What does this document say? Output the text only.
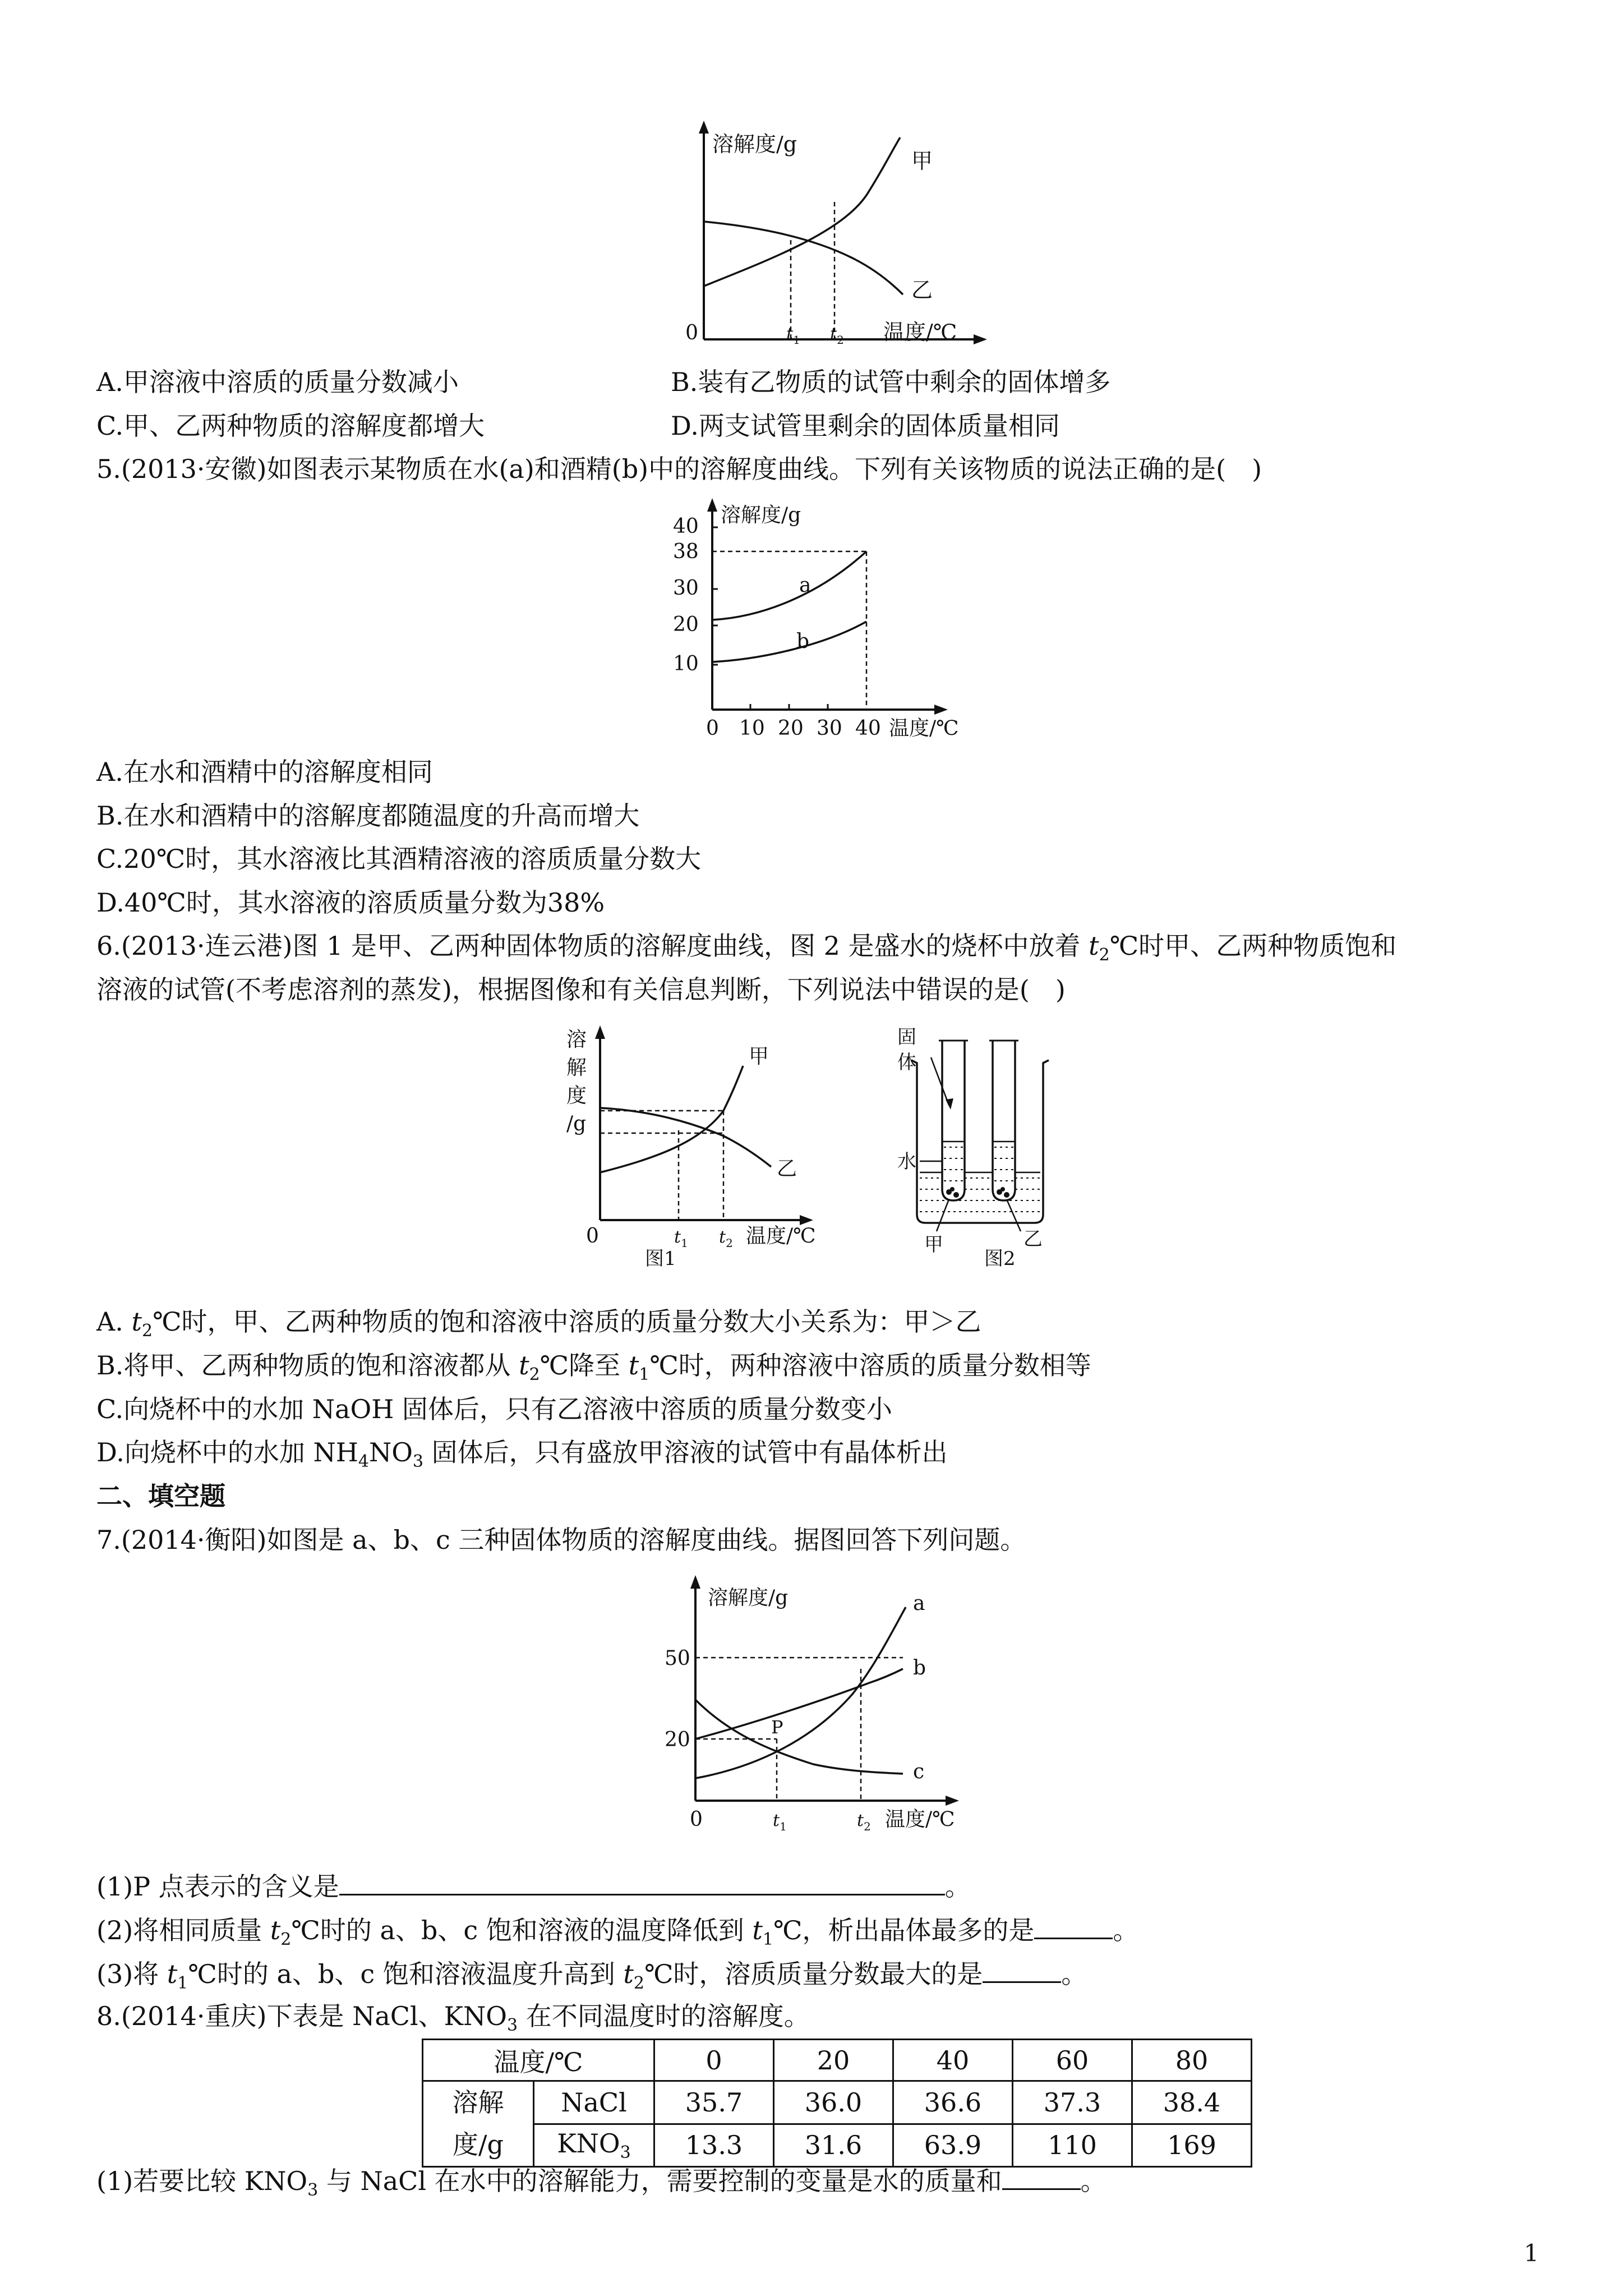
溶解度/g
甲
乙
0	$t_1$ $t_2$ 温度/℃
A.甲溶液中溶质的质量分数减小	B.装有乙物质的试管中剩余的固体增多
C.甲、乙两种物质的溶解度都增大	D.两支试管里剩余的固体质量相同
5.(2013·安徽)如图表示某物质在水(a)和酒精(b)中的溶解度曲线。下列有关该物质的说法正确的是(　)
溶解度/g
40
38
30
20
10
0 10 20 30 40 温度/℃
a
b
A.在水和酒精中的溶解度相同
B.在水和酒精中的溶解度都随温度的升高而增大
C.20℃时，其水溶液比其酒精溶液的溶质质量分数大
D.40℃时，其水溶液的溶质质量分数为38%
6.(2013·连云港)图 1 是甲、乙两种固体物质的溶解度曲线，图 2 是盛水的烧杯中放着 $t_2℃$时甲、乙两种物质饱和
溶液的试管(不考虑溶剂的蒸发)，根据图像和有关信息判断，下列说法中错误的是(　)
溶
解
度
/g
甲
乙
0	$t_1$ $t_2$ 温度/℃
图1
固
体
水
甲	乙
图2
A. $t_2℃$时，甲、乙两种物质的饱和溶液中溶质的质量分数大小关系为：甲＞乙
B.将甲、乙两种物质的饱和溶液都从 $t_2℃$降至 $t_1℃$时，两种溶液中溶质的质量分数相等
C.向烧杯中的水加 NaOH 固体后，只有乙溶液中溶质的质量分数变小
D.向烧杯中的水加 $NH_4NO_3$ 固体后，只有盛放甲溶液的试管中有晶体析出
二、填空题
7.(2014·衡阳)如图是 a、b、c 三种固体物质的溶解度曲线。据图回答下列问题。
溶解度/g
50
20
0	$t_1$	$t_2$ 温度/℃
a
b
c
P
(1)P 点表示的含义是	。
(2)将相同质量 $t_2℃$时的 a、b、c 饱和溶液的温度降低到 $t_1℃$，析出晶体最多的是	。
(3)将 $t_1℃$时的 a、b、c 饱和溶液温度升高到 $t_2℃$时，溶质质量分数最大的是	。
8.(2014·重庆)下表是 NaCl、$KNO_3$ 在不同温度时的溶解度。
温度/℃		0	20	40	60	80
溶解
度/g	NaCl	35.7	36.0	36.6	37.3	38.4
	$KNO_3$	13.3	31.6	63.9	110	169
(1)若要比较 $KNO_3$ 与 NaCl 在水中的溶解能力，需要控制的变量是水的质量和	。
1
